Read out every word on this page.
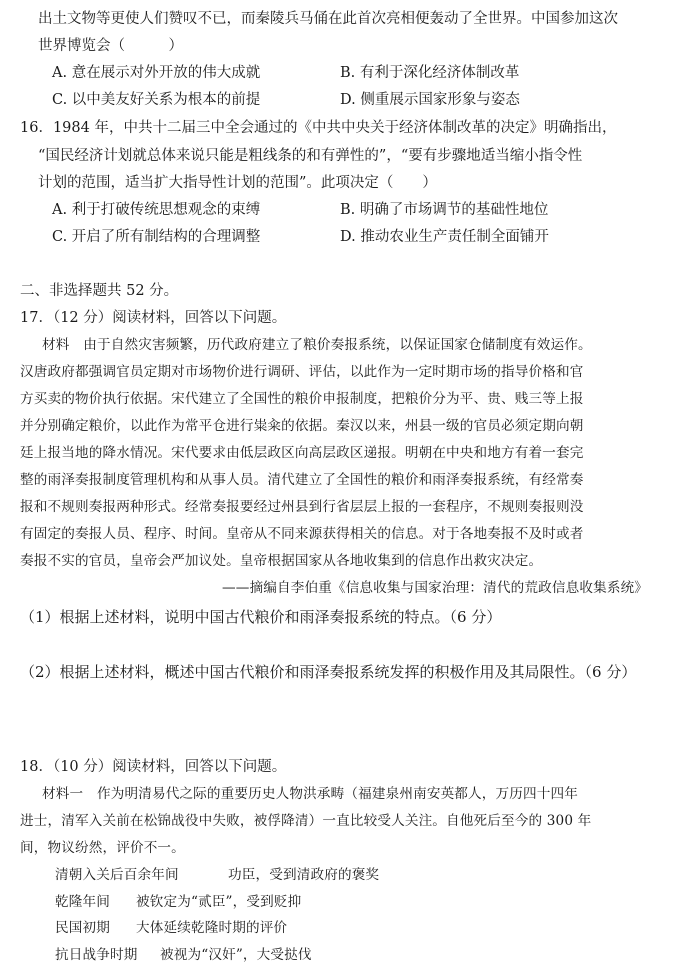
出土文物等更使人们赞叹不已，而秦陵兵马俑在此首次亮相便轰动了全世界。中国参加这次
世界博览会（　　　）
A. 意在展示对外开放的伟大成就	B. 有利于深化经济体制改革
C. 以中美友好关系为根本的前提	D. 侧重展示国家形象与姿态
16．1984 年，中共十二届三中全会通过的《中共中央关于经济体制改革的决定》明确指出，
“国民经济计划就总体来说只能是粗线条的和有弹性的”，“要有步骤地适当缩小指令性
计划的范围，适当扩大指导性计划的范围”。此项决定（　　）
A. 利于打破传统思想观念的束缚	B. 明确了市场调节的基础性地位
C. 开启了所有制结构的合理调整	D. 推动农业生产责任制全面铺开
二、非选择题共 52 分。
17．（12 分）阅读材料，回答以下问题。
材料　由于自然灾害频繁，历代政府建立了粮价奏报系统，以保证国家仓储制度有效运作。
汉唐政府都强调官员定期对市场物价进行调研、评估，以此作为一定时期市场的指导价格和官
方买卖的物价执行依据。宋代建立了全国性的粮价申报制度，把粮价分为平、贵、贱三等上报
并分别确定粮价，以此作为常平仓进行粜籴的依据。秦汉以来，州县一级的官员必须定期向朝
廷上报当地的降水情况。宋代要求由低层政区向高层政区递报。明朝在中央和地方有着一套完
整的雨泽奏报制度管理机构和从事人员。清代建立了全国性的粮价和雨泽奏报系统，有经常奏
报和不规则奏报两种形式。经常奏报要经过州县到行省层层上报的一套程序，不规则奏报则没
有固定的奏报人员、程序、时间。皇帝从不同来源获得相关的信息。对于各地奏报不及时或者
奏报不实的官员，皇帝会严加议处。皇帝根据国家从各地收集到的信息作出救灾决定。
——摘编自李伯重《信息收集与国家治理：清代的荒政信息收集系统》
（1）根据上述材料，说明中国古代粮价和雨泽奏报系统的特点。（6 分）
（2）根据上述材料，概述中国古代粮价和雨泽奏报系统发挥的积极作用及其局限性。（6 分）
18．（10 分）阅读材料，回答以下问题。
材料一　作为明清易代之际的重要历史人物洪承畴（福建泉州南安英都人，万历四十四年
进士，清军入关前在松锦战役中失败，被俘降清）一直比较受人关注。自他死后至今的 300 年
间，物议纷然，评价不一。
清朝入关后百余年间	功臣，受到清政府的褒奖
乾隆年间 被钦定为“贰臣”，受到贬抑
民国初期 大体延续乾隆时期的评价
抗日战争时期 被视为“汉奸”，大受挞伐
